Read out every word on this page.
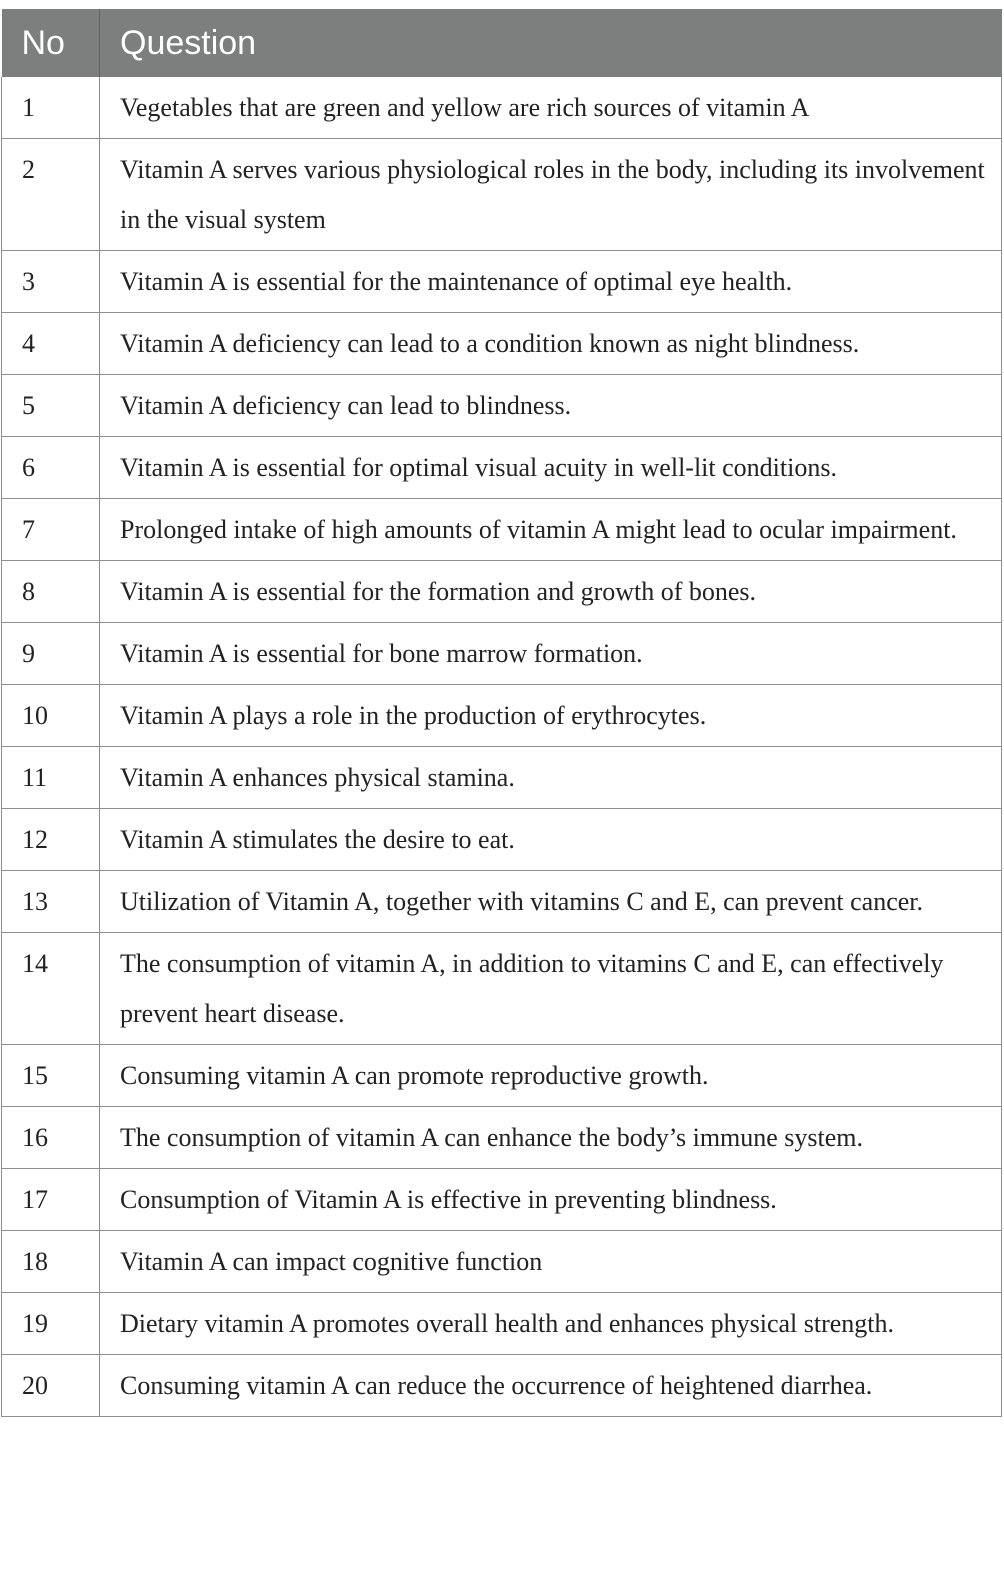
No	Question
1	Vegetables that are green and yellow are rich sources of vitamin A
2	Vitamin A serves various physiological roles in the body, including its involvement in the visual system
3	Vitamin A is essential for the maintenance of optimal eye health.
4	Vitamin A deficiency can lead to a condition known as night blindness.
5	Vitamin A deficiency can lead to blindness.
6	Vitamin A is essential for optimal visual acuity in well-lit conditions.
7	Prolonged intake of high amounts of vitamin A might lead to ocular impairment.
8	Vitamin A is essential for the formation and growth of bones.
9	Vitamin A is essential for bone marrow formation.
10	Vitamin A plays a role in the production of erythrocytes.
11	Vitamin A enhances physical stamina.
12	Vitamin A stimulates the desire to eat.
13	Utilization of Vitamin A, together with vitamins C and E, can prevent cancer.
14	The consumption of vitamin A, in addition to vitamins C and E, can effectively prevent heart disease.
15	Consuming vitamin A can promote reproductive growth.
16	The consumption of vitamin A can enhance the body’s immune system.
17	Consumption of Vitamin A is effective in preventing blindness.
18	Vitamin A can impact cognitive function
19	Dietary vitamin A promotes overall health and enhances physical strength.
20	Consuming vitamin A can reduce the occurrence of heightened diarrhea.
